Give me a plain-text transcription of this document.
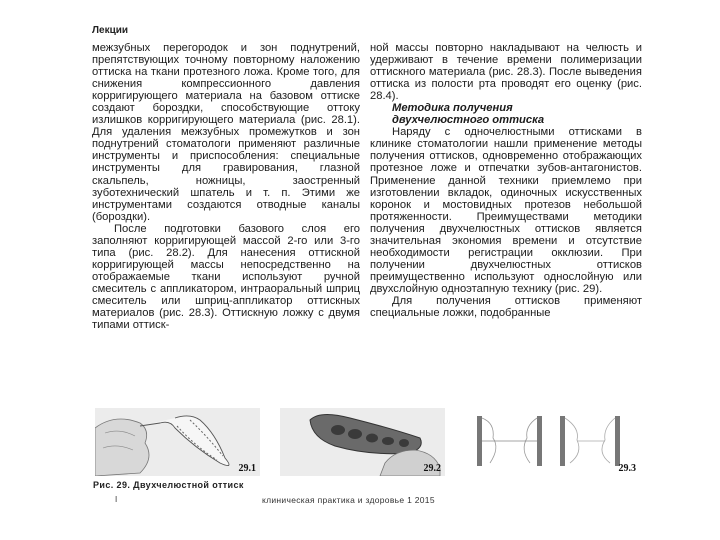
Лекции

межзубных перегородок и зон поднутрений, препятствующих точному повторному наложению оттиска на ткани протезного ложа. Кроме того, для снижения компрессионного давления корригирующего материала на базовом оттиске создают бороздки, способствующие оттоку излишков корригирующего материала (рис. 28.1). Для удаления межзубных промежутков и зон поднутрений стоматологи применяют различные инструменты и приспособления: специальные инструменты для гравирования, глазной скальпель, ножницы, заостренный зуботехнический шпатель и т. п. Этими же инструментами создаются отводные каналы (бороздки).

После подготовки базового слоя его заполняют корригирующей массой 2-го или 3-го типа (рис. 28.2). Для нанесения оттискной корригирующей массы непосредственно на отображаемые ткани используют ручной смеситель с аппликатором, интраоральный шприц смеситель или шприц-аппликатор оттискных материалов (рис. 28.3). Оттискную ложку с двумя типами оттиск-

ной массы повторно накладывают на челюсть и удерживают в течение времени полимеризации оттискного материала (рис. 28.3). После выведения оттиска из полости рта проводят его оценку (рис. 28.4).

Методика получения
двухчелюстного оттиска

Наряду с одночелюстными оттисками в клинике стоматологии нашли применение методы получения оттисков, одновременно отображающих протезное ложе и отпечатки зубов-антагонистов. Применение данной техники приемлемо при изготовлении вкладок, одиночных искусственных коронок и мостовидных протезов небольшой протяженности. Преимуществами методики получения двухчелюстных оттисков является значительная экономия времени и отсутствие необходимости регистрации окклюзии. При получении двухчелюстных оттисков преимущественно используют однослойную или двухслойную одноэтапную технику (рис. 29).

Для получения оттисков применяют специальные ложки, подобранные

29.1	29.2	29.3
Рис. 29. Двухчелюстной оттиск
I	клиническая практика и здоровье 1 2015
